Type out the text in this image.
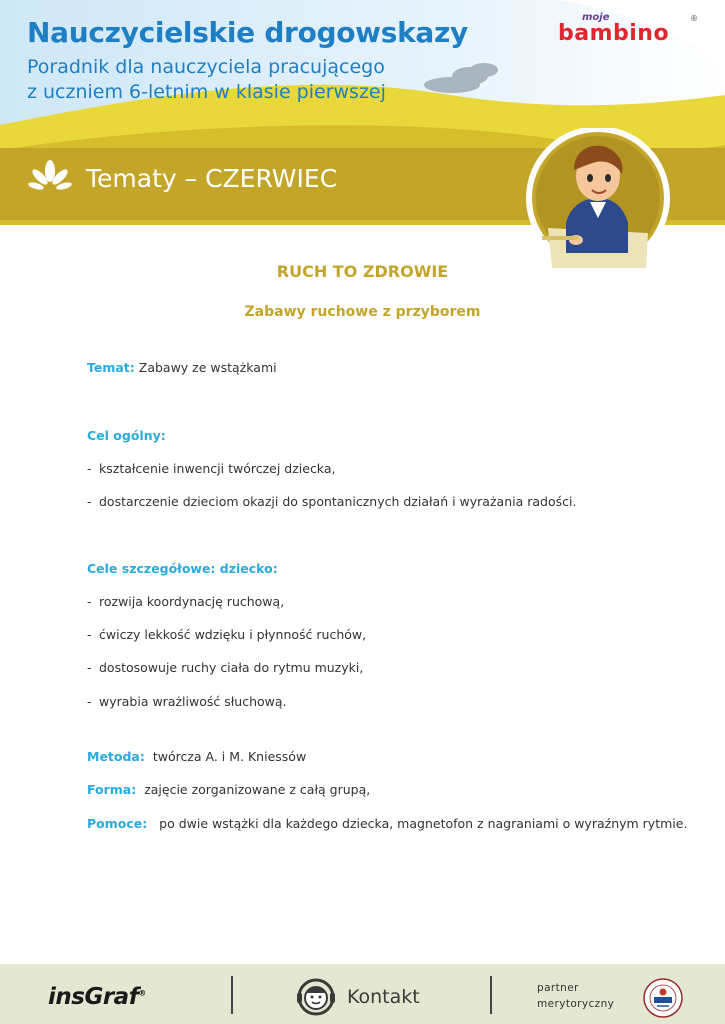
Nauczycielskie drogowskazy
Poradnik dla nauczyciela pracującego
z uczniem 6-letnim w klasie pierwszej
moje
bambino
®
Tematy – CZERWIEC
RUCH TO ZDROWIE
Zabawy ruchowe z przyborem

Temat: Zabawy ze wstążkami

Cel ogólny:

- kształcenie inwencji twórczej dziecka,

- dostarczenie dzieciom okazji do spontanicznych działań i wyrażania radości.

Cele szczegółowe: dziecko:

- rozwija koordynację ruchową,

- ćwiczy lekkość wdzięku i płynność ruchów,

- dostosowuje ruchy ciała do rytmu muzyki,

- wyrabia wrażliwość słuchową.

Metoda: twórcza A. i M. Kniessów

Forma: zajęcie zorganizowane z całą grupą,

Pomoce: po dwie wstążki dla każdego dziecka, magnetofon z nagraniami o wyraźnym rytmie.

insGraf®	Kontakt	partner
merytoryczny
